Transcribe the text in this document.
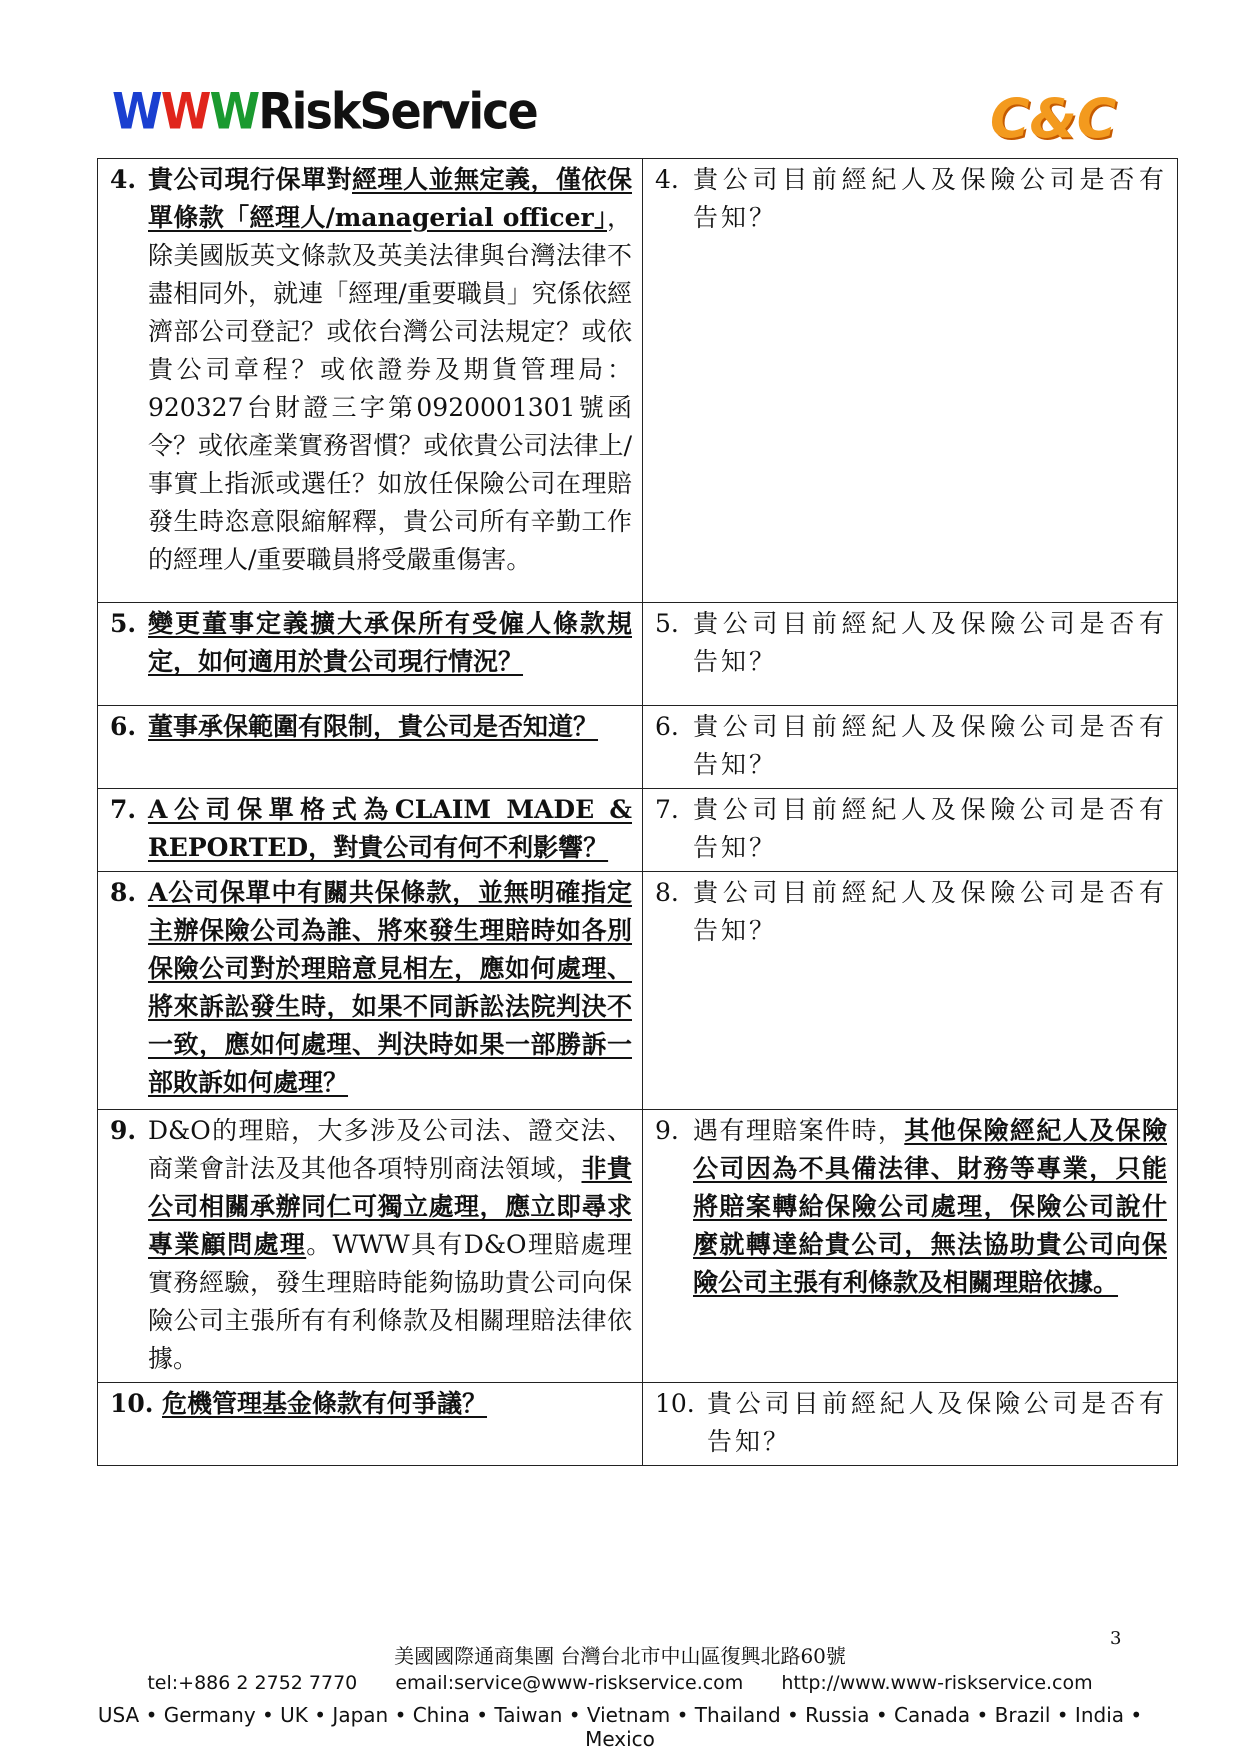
WWWRiskService	C&C
4. 貴公司現行保單對經理人並無定義，僅依保單條款「經理人/managerial officer」，除美國版英文條款及英美法律與台灣法律不盡相同外，就連「經理/重要職員」究係依經濟部公司登記？或依台灣公司法規定？或依貴公司章程？或依證券及期貨管理局：920327台財證三字第0920001301號函令？或依產業實務習慣？或依貴公司法律上/事實上指派或選任？如放任保險公司在理賠發生時恣意限縮解釋，貴公司所有辛勤工作的經理人/重要職員將受嚴重傷害。	4. 貴公司目前經紀人及保險公司是否有告知？

5. 變更董事定義擴大承保所有受僱人條款規定，如何適用於貴公司現行情況？	5. 貴公司目前經紀人及保險公司是否有告知？

6. 董事承保範圍有限制，貴公司是否知道？	6. 貴公司目前經紀人及保險公司是否有告知？

7. A公司保單格式為CLAIM MADE & REPORTED，對貴公司有何不利影響？	7. 貴公司目前經紀人及保險公司是否有告知？

8. A公司保單中有關共保條款，並無明確指定主辦保險公司為誰、將來發生理賠時如各別保險公司對於理賠意見相左，應如何處理、將來訴訟發生時，如果不同訴訟法院判決不一致，應如何處理、判決時如果一部勝訴一部敗訴如何處理？	8. 貴公司目前經紀人及保險公司是否有告知？

9. D&O的理賠，大多涉及公司法、證交法、商業會計法及其他各項特別商法領域，非貴公司相關承辦同仁可獨立處理，應立即尋求專業顧問處理。WWW具有D&O理賠處理實務經驗，發生理賠時能夠協助貴公司向保險公司主張所有有利條款及相關理賠法律依據。	9. 遇有理賠案件時，其他保險經紀人及保險公司因為不具備法律、財務等專業，只能將賠案轉給保險公司處理，保險公司說什麼就轉達給貴公司，無法協助貴公司向保險公司主張有利條款及相關理賠依據。

10. 危機管理基金條款有何爭議？	10. 貴公司目前經紀人及保險公司是否有告知？
3
美國國際通商集團 台灣台北市中山區復興北路60號
tel:+886 2 2752 7770 email:service@www-riskservice.com http://www.www-riskservice.com
USA • Germany • UK • Japan • China • Taiwan • Vietnam • Thailand • Russia • Canada • Brazil • India • Mexico
